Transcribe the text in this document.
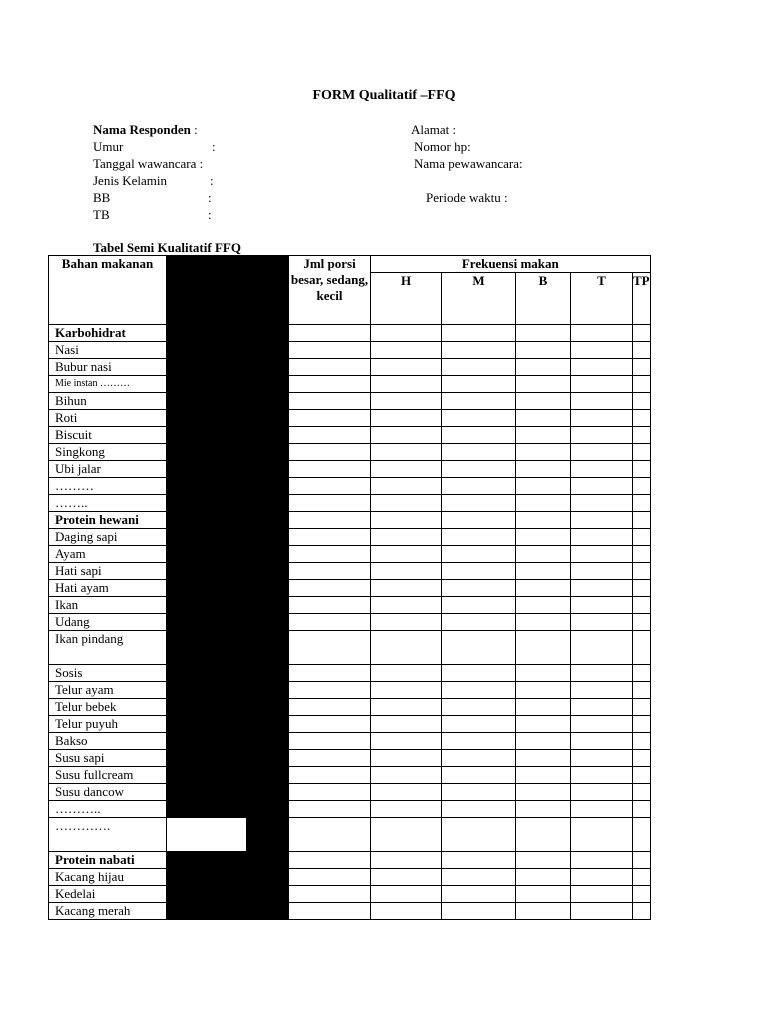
FORM Qualitatif –FFQ
Nama Responden :
Umur	:
Tanggal wawancara :
Jenis Kelamin	:
BB	:
TB	:
Alamat :
Nomor hp:
Nama pewawancara:
Periode waktu :
Tabel Semi Kualitatif FFQ
Bahan makanan			Jml porsi besar, sedang, kecil	Frekuensi makan				
				H	M	B	T	TP
Karbohidrat								
Nasi								
Bubur nasi								
Mie instan ………								
Bihun								
Roti								
Biscuit								
Singkong								
Ubi jalar								
………								
……..								
Protein hewani								
Daging sapi								
Ayam								
Hati sapi								
Hati ayam								
Ikan								
Udang								
Ikan pindang								
Sosis								
Telur ayam								
Telur bebek								
Telur puyuh								
Bakso								
Susu sapi								
Susu fullcream								
Susu dancow								
………..								
………….								
Protein nabati								
Kacang hijau								
Kedelai								
Kacang merah								
